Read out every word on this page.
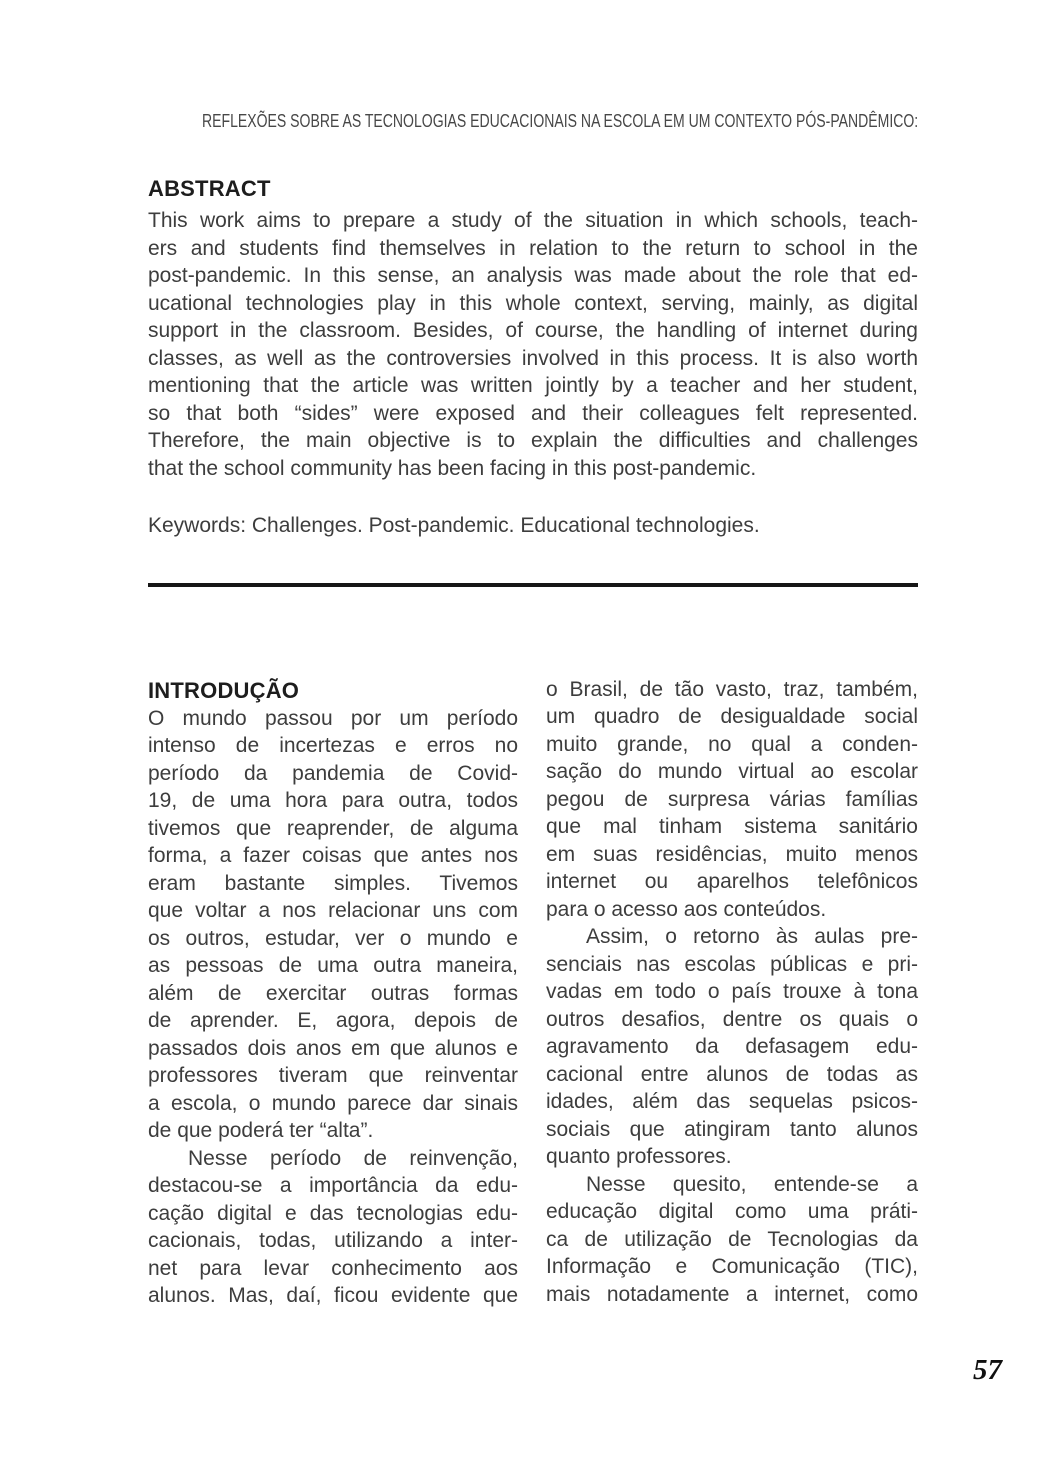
REFLEXÕES SOBRE AS TECNOLOGIAS EDUCACIONAIS NA ESCOLA EM UM CONTEXTO PÓS-PANDÊMICO:
ABSTRACT
This work aims to prepare a study of the situation in which schools, teach-
ers and students find themselves in relation to the return to school in the
post-pandemic. In this sense, an analysis was made about the role that ed-
ucational technologies play in this whole context, serving, mainly, as digital
support in the classroom. Besides, of course, the handling of internet during
classes, as well as the controversies involved in this process. It is also worth
mentioning that the article was written jointly by a teacher and her student,
so that both “sides” were exposed and their colleagues felt represented.
Therefore, the main objective is to explain the difficulties and challenges
that the school community has been facing in this post-pandemic.
Keywords: Challenges. Post-pandemic. Educational technologies.
INTRODUÇÃO
O mundo passou por um período
intenso de incertezas e erros no
período da pandemia de Covid-
19, de uma hora para outra, todos
tivemos que reaprender, de alguma
forma, a fazer coisas que antes nos
eram bastante simples. Tivemos
que voltar a nos relacionar uns com
os outros, estudar, ver o mundo e
as pessoas de uma outra maneira,
além de exercitar outras formas
de aprender. E, agora, depois de
passados dois anos em que alunos e
professores tiveram que reinventar
a escola, o mundo parece dar sinais
de que poderá ter “alta”.
Nesse período de reinvenção,
destacou-se a importância da edu-
cação digital e das tecnologias edu-
cacionais, todas, utilizando a inter-
net para levar conhecimento aos
alunos. Mas, daí, ficou evidente que
o Brasil, de tão vasto, traz, também,
um quadro de desigualdade social
muito grande, no qual a conden-
sação do mundo virtual ao escolar
pegou de surpresa várias famílias
que mal tinham sistema sanitário
em suas residências, muito menos
internet ou aparelhos telefônicos
para o acesso aos conteúdos.
Assim, o retorno às aulas pre-
senciais nas escolas públicas e pri-
vadas em todo o país trouxe à tona
outros desafios, dentre os quais o
agravamento da defasagem edu-
cacional entre alunos de todas as
idades, além das sequelas psicos-
sociais que atingiram tanto alunos
quanto professores.
Nesse quesito, entende-se a
educação digital como uma práti-
ca de utilização de Tecnologias da
Informação e Comunicação (TIC),
mais notadamente a internet, como
57
